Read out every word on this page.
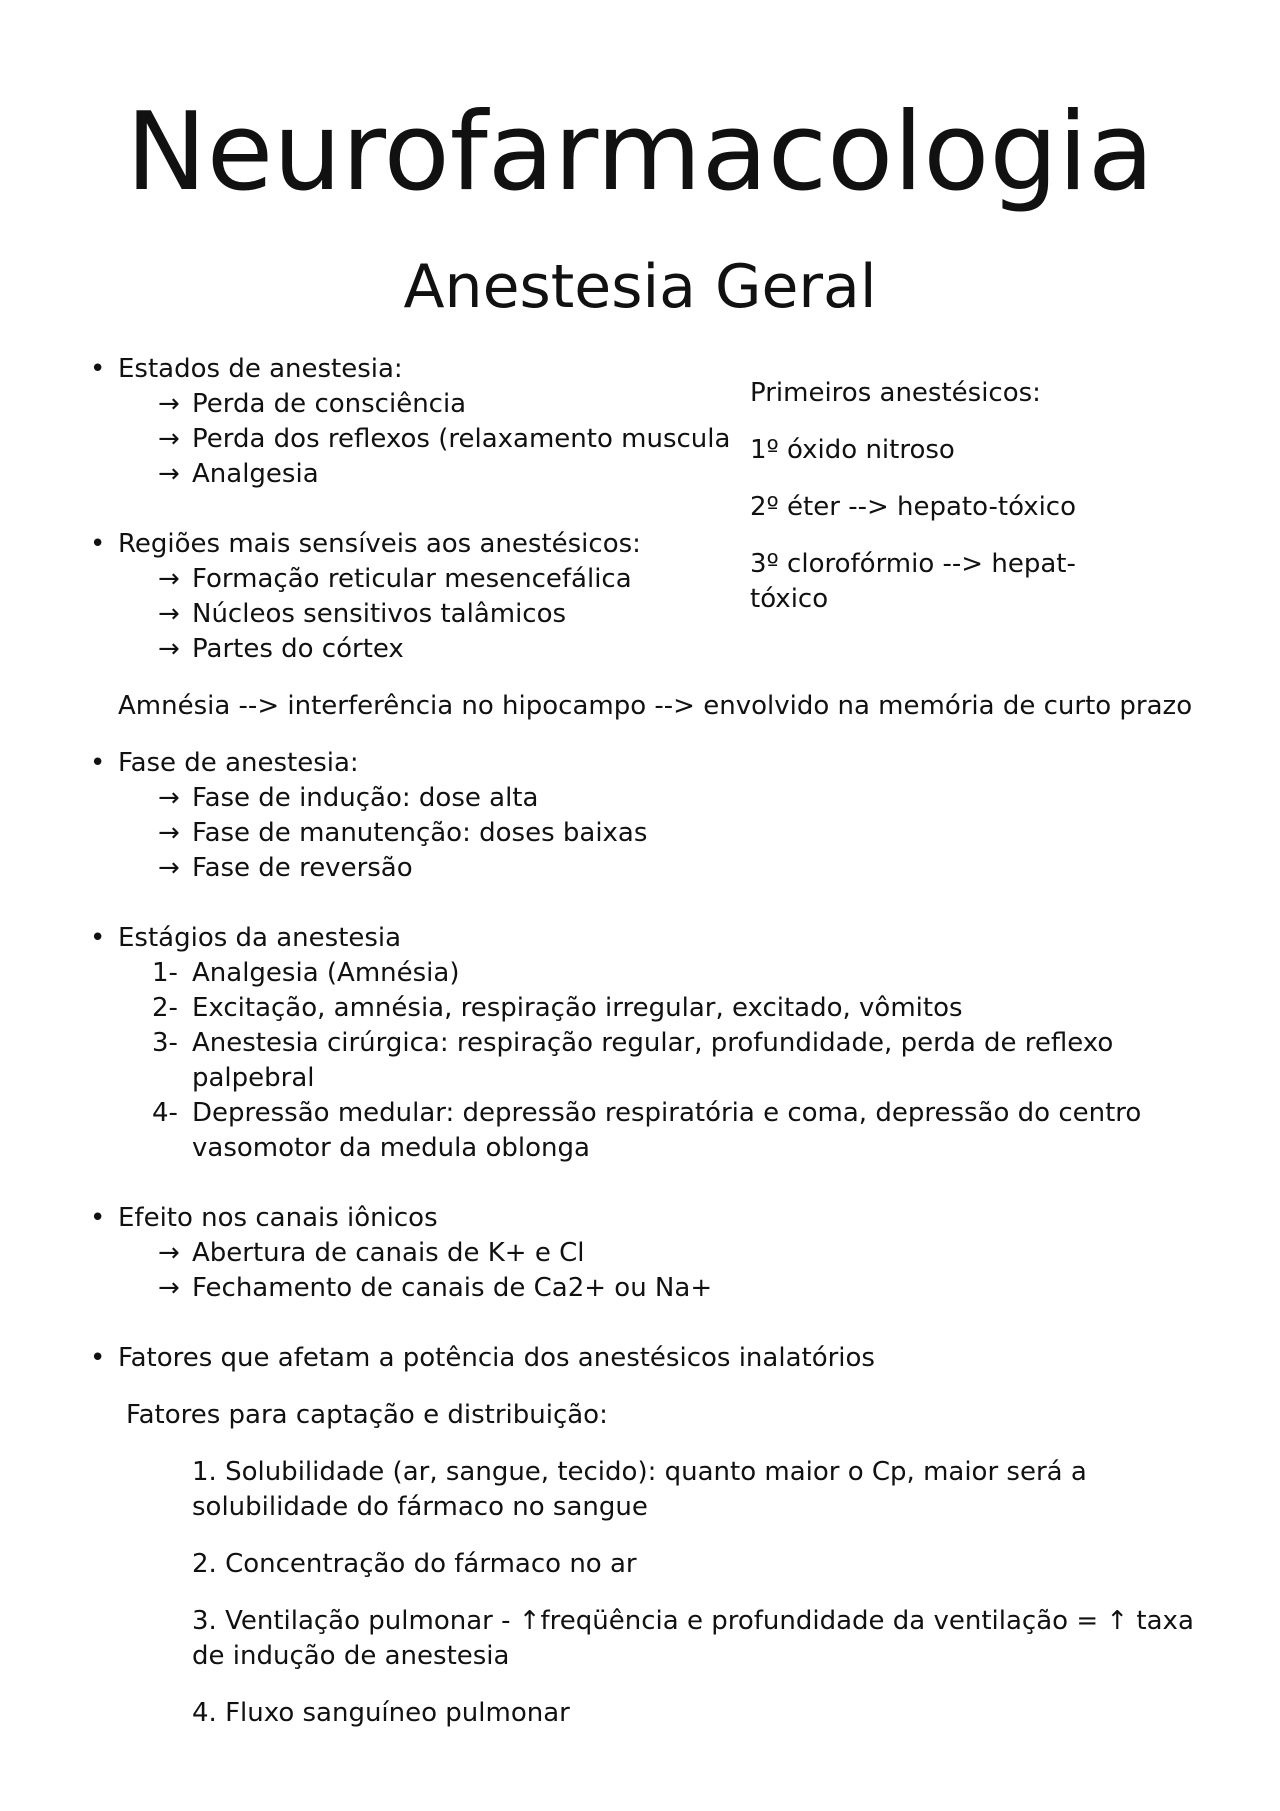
Neurofarmacologia
Anestesia Geral

Primeiros anestésicos:

1º óxido nitroso

2º éter --> hepato-tóxico

3º clorofórmio --> hepat-tóxico

• Estados de anestesia:
→ Perda de consciência
→ Perda dos reflexos (relaxamento muscula
→ Analgesia
• Regiões mais sensíveis aos anestésicos:
→ Formação reticular mesencefálica
→ Núcleos sensitivos talâmicos
→ Partes do córtex
Amnésia --> interferência no hipocampo --> envolvido na memória de curto prazo
• Fase de anestesia:
→ Fase de indução: dose alta
→ Fase de manutenção: doses baixas
→ Fase de reversão
• Estágios da anestesia
1- Analgesia (Amnésia)
2- Excitação, amnésia, respiração irregular, excitado, vômitos
3- Anestesia cirúrgica: respiração regular, profundidade, perda de reflexo palpebral
4- Depressão medular: depressão respiratória e coma, depressão do centro vasomotor da medula oblonga
• Efeito nos canais iônicos
→ Abertura de canais de K+ e Cl
→ Fechamento de canais de Ca2+ ou Na+
• Fatores que afetam a potência dos anestésicos inalatórios
Fatores para captação e distribuição:

1. Solubilidade (ar, sangue, tecido): quanto maior o Cp, maior será a solubilidade do fármaco no sangue

2. Concentração do fármaco no ar

3. Ventilação pulmonar - ↑freqüência e profundidade da ventilação = ↑ taxa de indução de anestesia

4. Fluxo sanguíneo pulmonar
